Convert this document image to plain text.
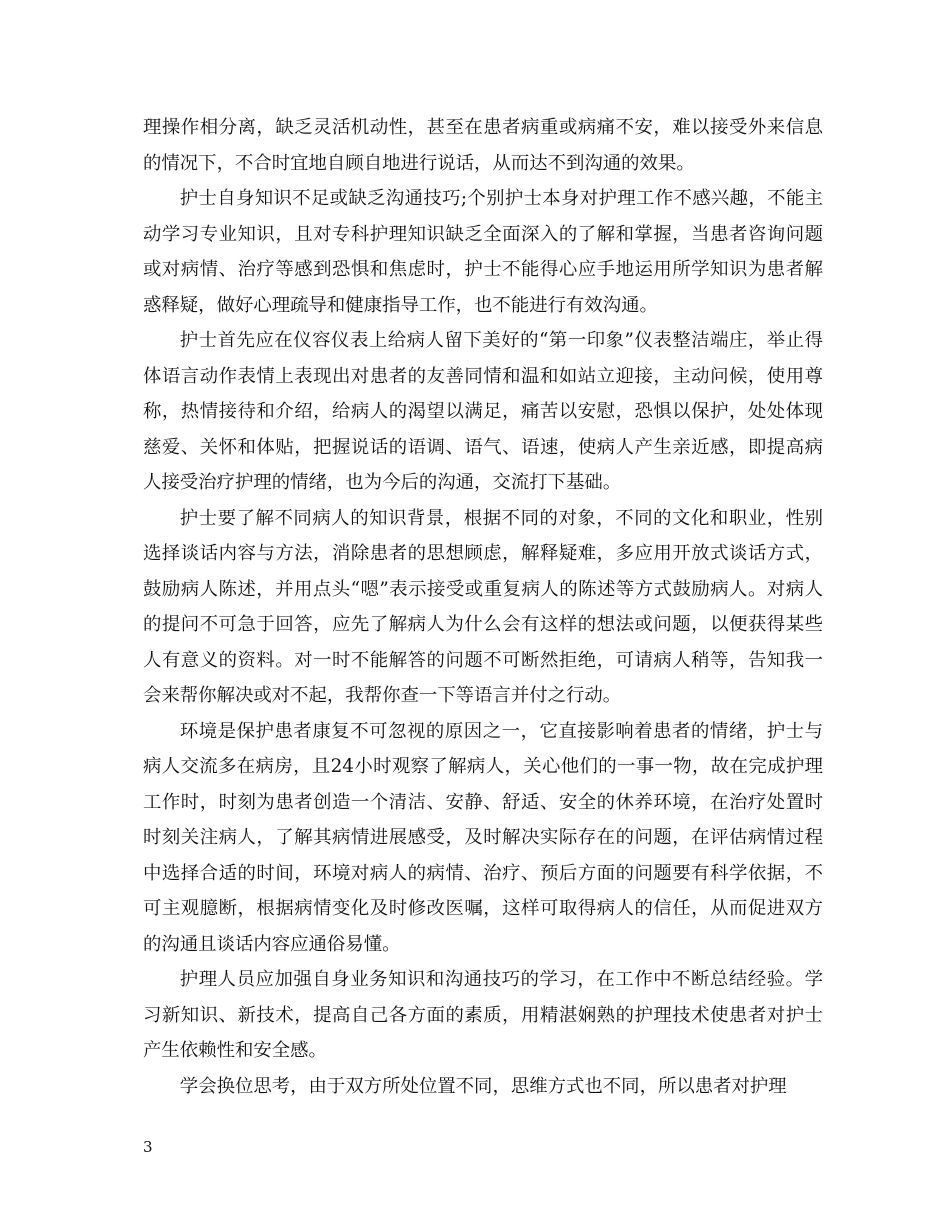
理操作相分离，缺乏灵活机动性，甚至在患者病重或病痛不安，难以接受外来信息的情况下，不合时宜地自顾自地进行说话，从而达不到沟通的效果。

护士自身知识不足或缺乏沟通技巧;个别护士本身对护理工作不感兴趣，不能主动学习专业知识，且对专科护理知识缺乏全面深入的了解和掌握，当患者咨询问题或对病情、治疗等感到恐惧和焦虑时，护士不能得心应手地运用所学知识为患者解惑释疑，做好心理疏导和健康指导工作，也不能进行有效沟通。

护士首先应在仪容仪表上给病人留下美好的“第一印象”仪表整洁端庄，举止得体语言动作表情上表现出对患者的友善同情和温和如站立迎接，主动问候，使用尊称，热情接待和介绍，给病人的渴望以满足，痛苦以安慰，恐惧以保护，处处体现慈爱、关怀和体贴，把握说话的语调、语气、语速，使病人产生亲近感，即提高病人接受治疗护理的情绪，也为今后的沟通，交流打下基础。

护士要了解不同病人的知识背景，根据不同的对象，不同的文化和职业，性别选择谈话内容与方法，消除患者的思想顾虑，解释疑难，多应用开放式谈话方式，鼓励病人陈述，并用点头“嗯”表示接受或重复病人的陈述等方式鼓励病人。对病人的提问不可急于回答，应先了解病人为什么会有这样的想法或问题，以便获得某些人有意义的资料。对一时不能解答的问题不可断然拒绝，可请病人稍等，告知我一会来帮你解决或对不起，我帮你查一下等语言并付之行动。

环境是保护患者康复不可忽视的原因之一，它直接影响着患者的情绪，护士与病人交流多在病房，且24小时观察了解病人，关心他们的一事一物，故在完成护理工作时，时刻为患者创造一个清洁、安静、舒适、安全的休养环境，在治疗处置时时刻关注病人，了解其病情进展感受，及时解决实际存在的问题，在评估病情过程中选择合适的时间，环境对病人的病情、治疗、预后方面的问题要有科学依据，不可主观臆断，根据病情变化及时修改医嘱，这样可取得病人的信任，从而促进双方的沟通且谈话内容应通俗易懂。

护理人员应加强自身业务知识和沟通技巧的学习，在工作中不断总结经验。学习新知识、新技术，提高自己各方面的素质，用精湛娴熟的护理技术使患者对护士产生依赖性和安全感。

学会换位思考，由于双方所处位置不同，思维方式也不同，所以患者对护理

3
